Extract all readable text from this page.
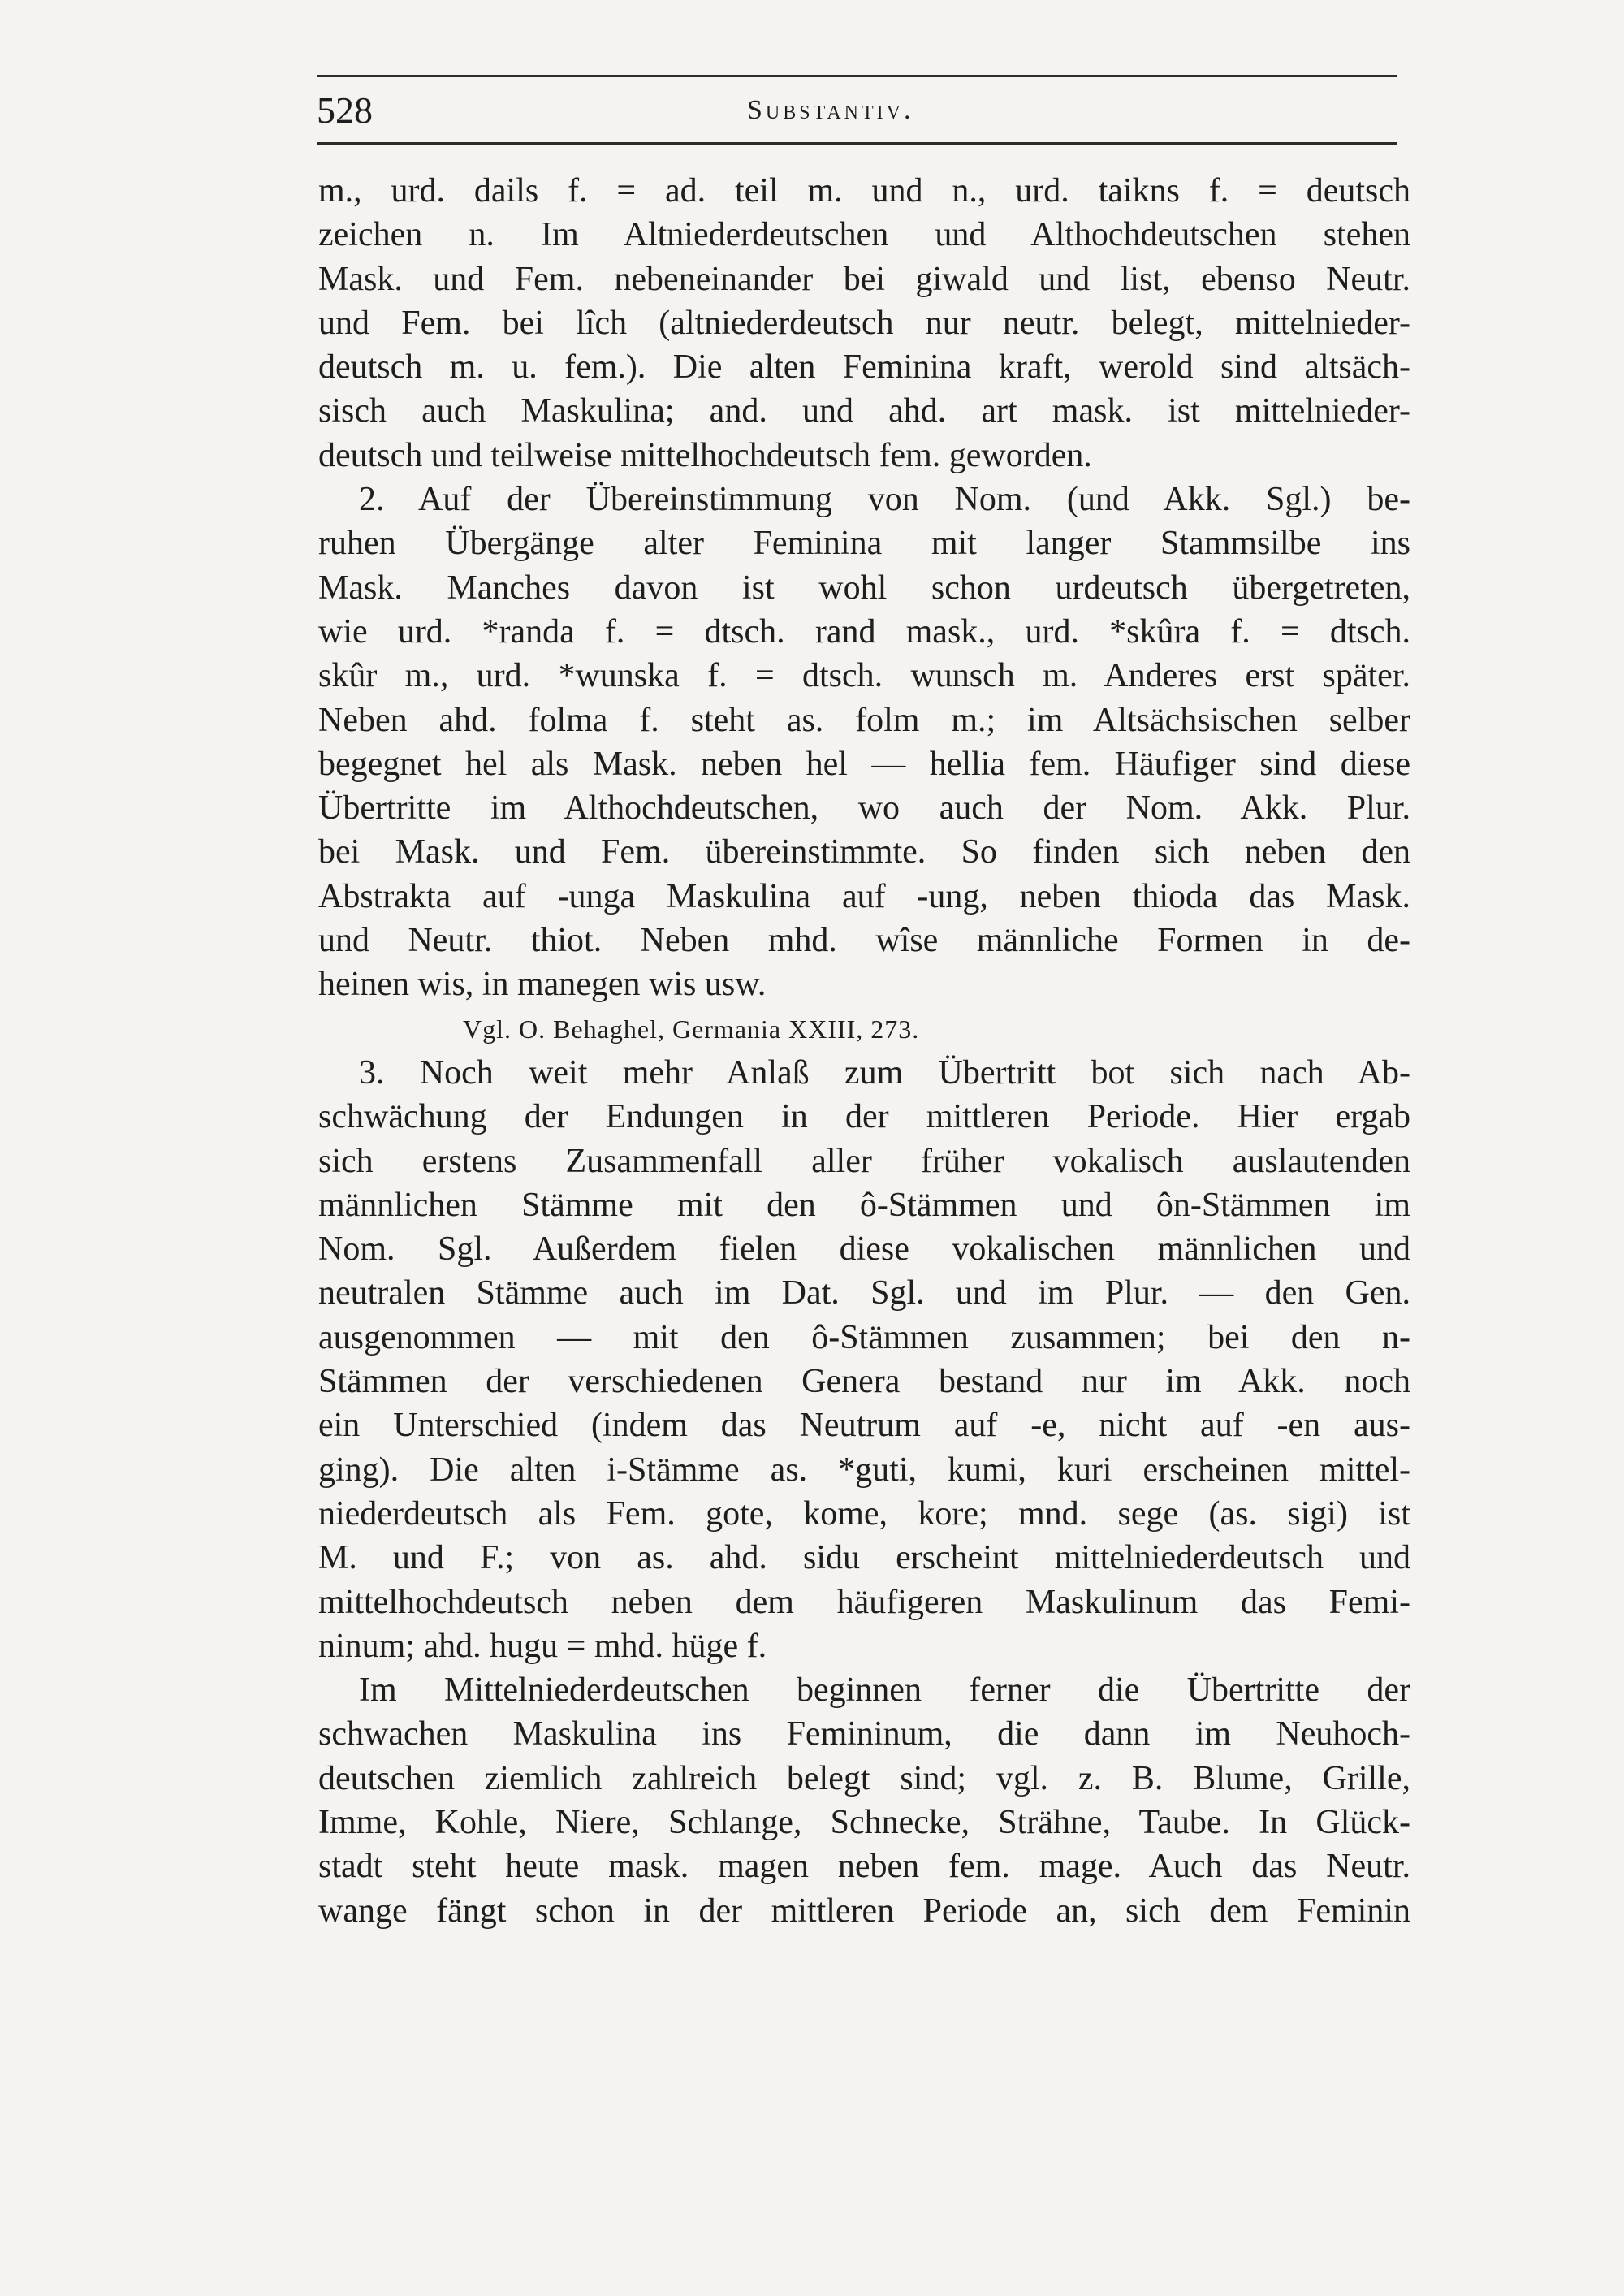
528	Substantiv.
m., urd. dails f. = ad. teil m. und n., urd. taikns f. = deutsch
zeichen n. Im Altniederdeutschen und Althochdeutschen stehen
Mask. und Fem. nebeneinander bei giwald und list, ebenso Neutr.
und Fem. bei lîch (altniederdeutsch nur neutr. belegt, mittelnieder-
deutsch m. u. fem.). Die alten Feminina kraft, werold sind altsäch-
sisch auch Maskulina; and. und ahd. art mask. ist mittelnieder-
deutsch und teilweise mittelhochdeutsch fem. geworden.
2. Auf der Übereinstimmung von Nom. (und Akk. Sgl.) be-
ruhen Übergänge alter Feminina mit langer Stammsilbe ins
Mask. Manches davon ist wohl schon urdeutsch übergetreten,
wie urd. *randa f. = dtsch. rand mask., urd. *skûra f. = dtsch.
skûr m., urd. *wunska f. = dtsch. wunsch m. Anderes erst später.
Neben ahd. folma f. steht as. folm m.; im Altsächsischen selber
begegnet hel als Mask. neben hel — hellia fem. Häufiger sind diese
Übertritte im Althochdeutschen, wo auch der Nom. Akk. Plur.
bei Mask. und Fem. übereinstimmte. So finden sich neben den
Abstrakta auf -unga Maskulina auf -ung, neben thioda das Mask.
und Neutr. thiot. Neben mhd. wîse männliche Formen in de-
heinen wis, in manegen wis usw.
Vgl. O. Behaghel, Germania XXIII, 273.
3. Noch weit mehr Anlaß zum Übertritt bot sich nach Ab-
schwächung der Endungen in der mittleren Periode. Hier ergab
sich erstens Zusammenfall aller früher vokalisch auslautenden
männlichen Stämme mit den ô-Stämmen und ôn-Stämmen im
Nom. Sgl. Außerdem fielen diese vokalischen männlichen und
neutralen Stämme auch im Dat. Sgl. und im Plur. — den Gen.
ausgenommen — mit den ô-Stämmen zusammen; bei den n-
Stämmen der verschiedenen Genera bestand nur im Akk. noch
ein Unterschied (indem das Neutrum auf -e, nicht auf -en aus-
ging). Die alten i-Stämme as. *guti, kumi, kuri erscheinen mittel-
niederdeutsch als Fem. gote, kome, kore; mnd. sege (as. sigi) ist
M. und F.; von as. ahd. sidu erscheint mittelniederdeutsch und
mittelhochdeutsch neben dem häufigeren Maskulinum das Femi-
ninum; ahd. hugu = mhd. hüge f.
Im Mittelniederdeutschen beginnen ferner die Übertritte der
schwachen Maskulina ins Femininum, die dann im Neuhoch-
deutschen ziemlich zahlreich belegt sind; vgl. z. B. Blume, Grille,
Imme, Kohle, Niere, Schlange, Schnecke, Strähne, Taube. In Glück-
stadt steht heute mask. magen neben fem. mage. Auch das Neutr.
wange fängt schon in der mittleren Periode an, sich dem Feminin
